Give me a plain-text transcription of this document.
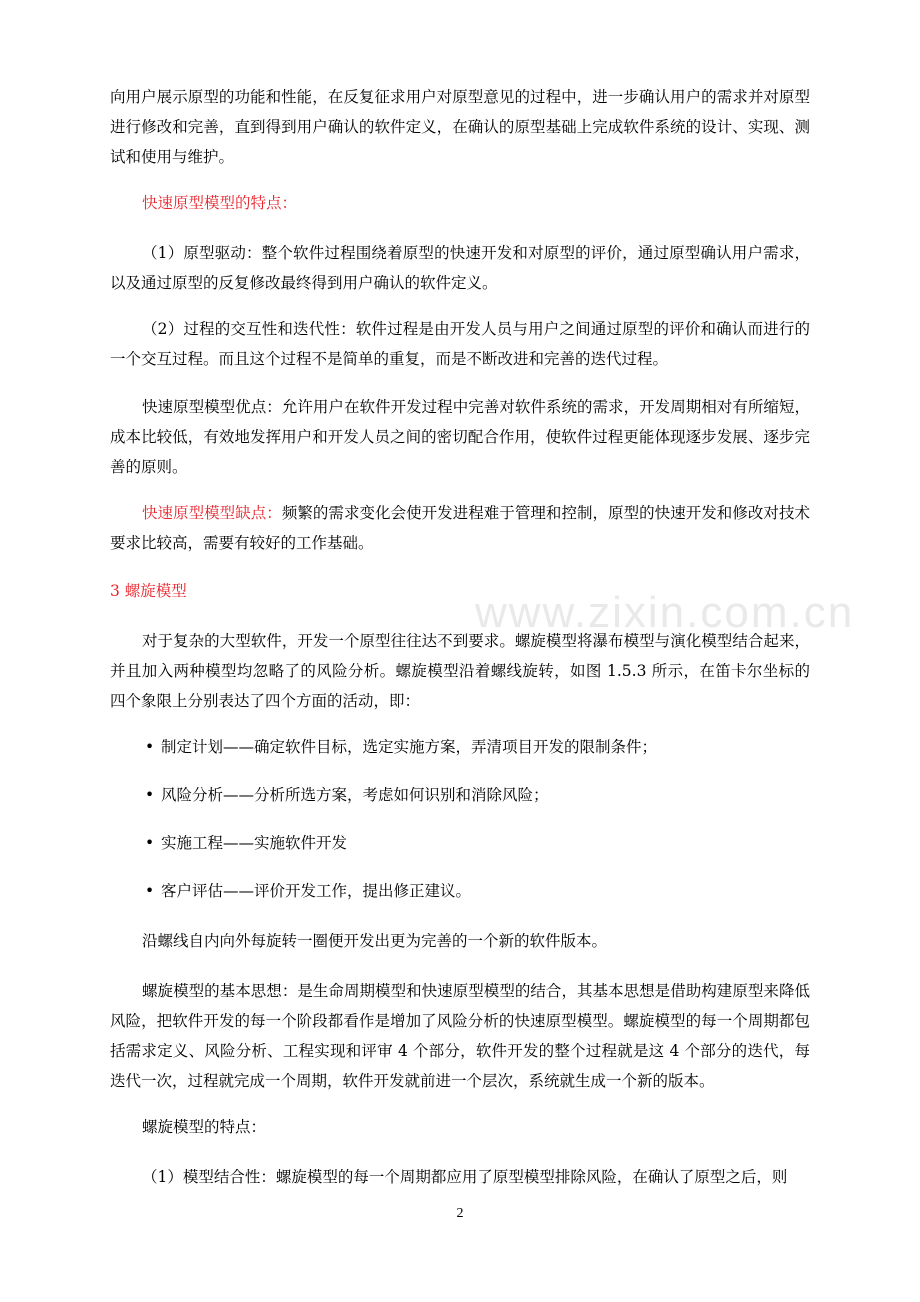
www.zixin.com.cn

向用户展示原型的功能和性能，在反复征求用户对原型意见的过程中，进一步确认用户的需求并对原型进行修改和完善，直到得到用户确认的软件定义，在确认的原型基础上完成软件系统的设计、实现、测试和使用与维护。

快速原型模型的特点：

（1）原型驱动：整个软件过程围绕着原型的快速开发和对原型的评价，通过原型确认用户需求，以及通过原型的反复修改最终得到用户确认的软件定义。

（2）过程的交互性和迭代性：软件过程是由开发人员与用户之间通过原型的评价和确认而进行的一个交互过程。而且这个过程不是简单的重复，而是不断改进和完善的迭代过程。

快速原型模型优点：允许用户在软件开发过程中完善对软件系统的需求，开发周期相对有所缩短，成本比较低，有效地发挥用户和开发人员之间的密切配合作用，使软件过程更能体现逐步发展、逐步完善的原则。

快速原型模型缺点：频繁的需求变化会使开发进程难于管理和控制，原型的快速开发和修改对技术要求比较高，需要有较好的工作基础。

3 螺旋模型

对于复杂的大型软件，开发一个原型往往达不到要求。螺旋模型将瀑布模型与演化模型结合起来，并且加入两种模型均忽略了的风险分析。螺旋模型沿着螺线旋转，如图 1.5.3 所示，在笛卡尔坐标的四个象限上分别表达了四个方面的活动，即：

• 制定计划——确定软件目标，选定实施方案，弄清项目开发的限制条件；

• 风险分析——分析所选方案，考虑如何识别和消除风险；

• 实施工程——实施软件开发

• 客户评估——评价开发工作，提出修正建议。

沿螺线自内向外每旋转一圈便开发出更为完善的一个新的软件版本。

螺旋模型的基本思想：是生命周期模型和快速原型模型的结合，其基本思想是借助构建原型来降低风险，把软件开发的每一个阶段都看作是增加了风险分析的快速原型模型。螺旋模型的每一个周期都包括需求定义、风险分析、工程实现和评审 4 个部分，软件开发的整个过程就是这 4 个部分的迭代，每迭代一次，过程就完成一个周期，软件开发就前进一个层次，系统就生成一个新的版本。

螺旋模型的特点：

（1）模型结合性：螺旋模型的每一个周期都应用了原型模型排除风险，在确认了原型之后，则

2
